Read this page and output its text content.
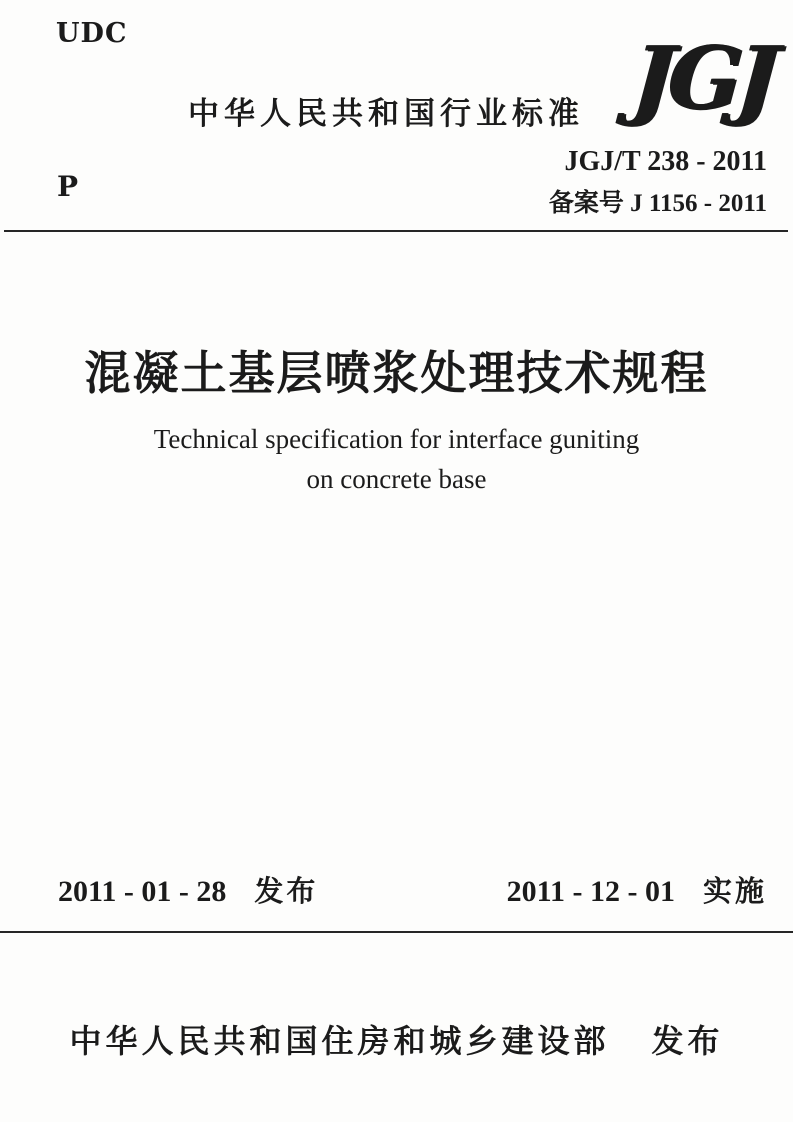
UDC
中华人民共和国行业标准 JGJ
JGJ/T 238 - 2011
备案号 J 1156 - 2011
P
混凝土基层喷浆处理技术规程
Technical specification for interface guniting
on concrete base
2011 - 01 - 28 发布	2011 - 12 - 01 实施
中华人民共和国住房和城乡建设部 发布
